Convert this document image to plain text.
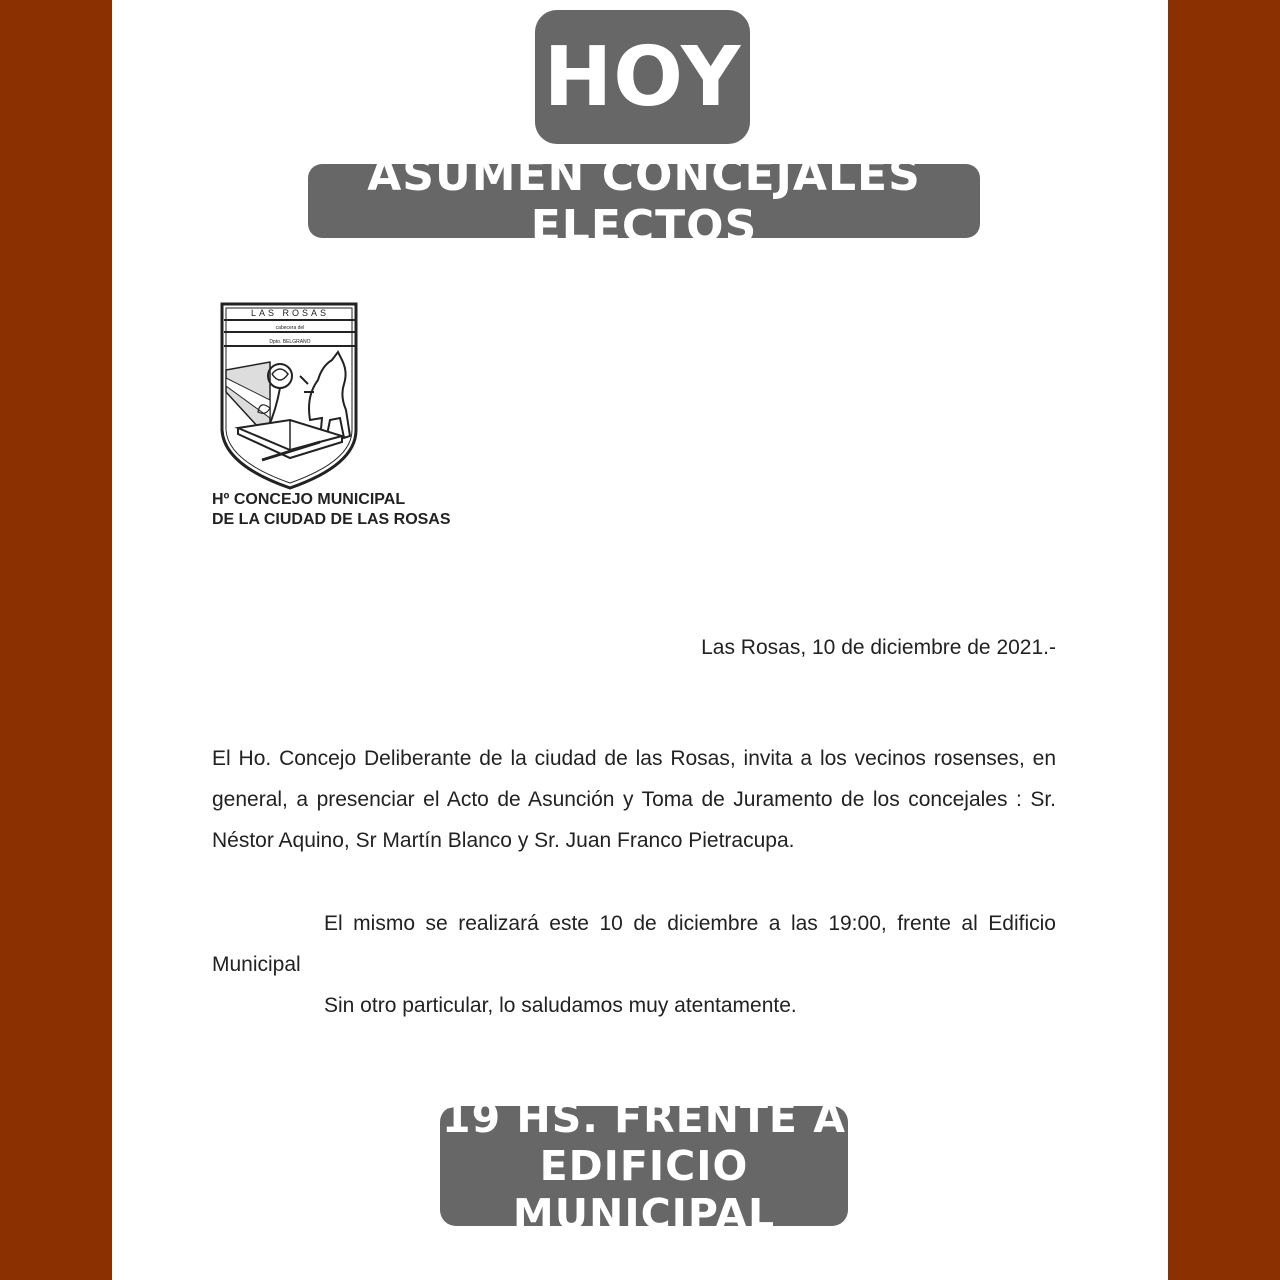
HOY
ASUMEN CONCEJALES ELECTOS
LAS ROSAS
cabecera del
Dpto. BELGRANO
Hº CONCEJO MUNICIPAL
DE LA CIUDAD DE LAS ROSAS
Las Rosas, 10 de diciembre de 2021.-
El Ho. Concejo Deliberante de la ciudad de las Rosas, invita a los vecinos rosenses, en general, a presenciar el Acto de Asunción y Toma de Juramento de los concejales : Sr. Néstor Aquino, Sr Martín Blanco y Sr. Juan Franco Pietracupa.
El mismo se realizará este 10 de diciembre a las 19:00, frente al Edificio Municipal
Sin otro particular, lo saludamos muy atentamente.
19 HS. FRENTE A
EDIFICIO MUNICIPAL
